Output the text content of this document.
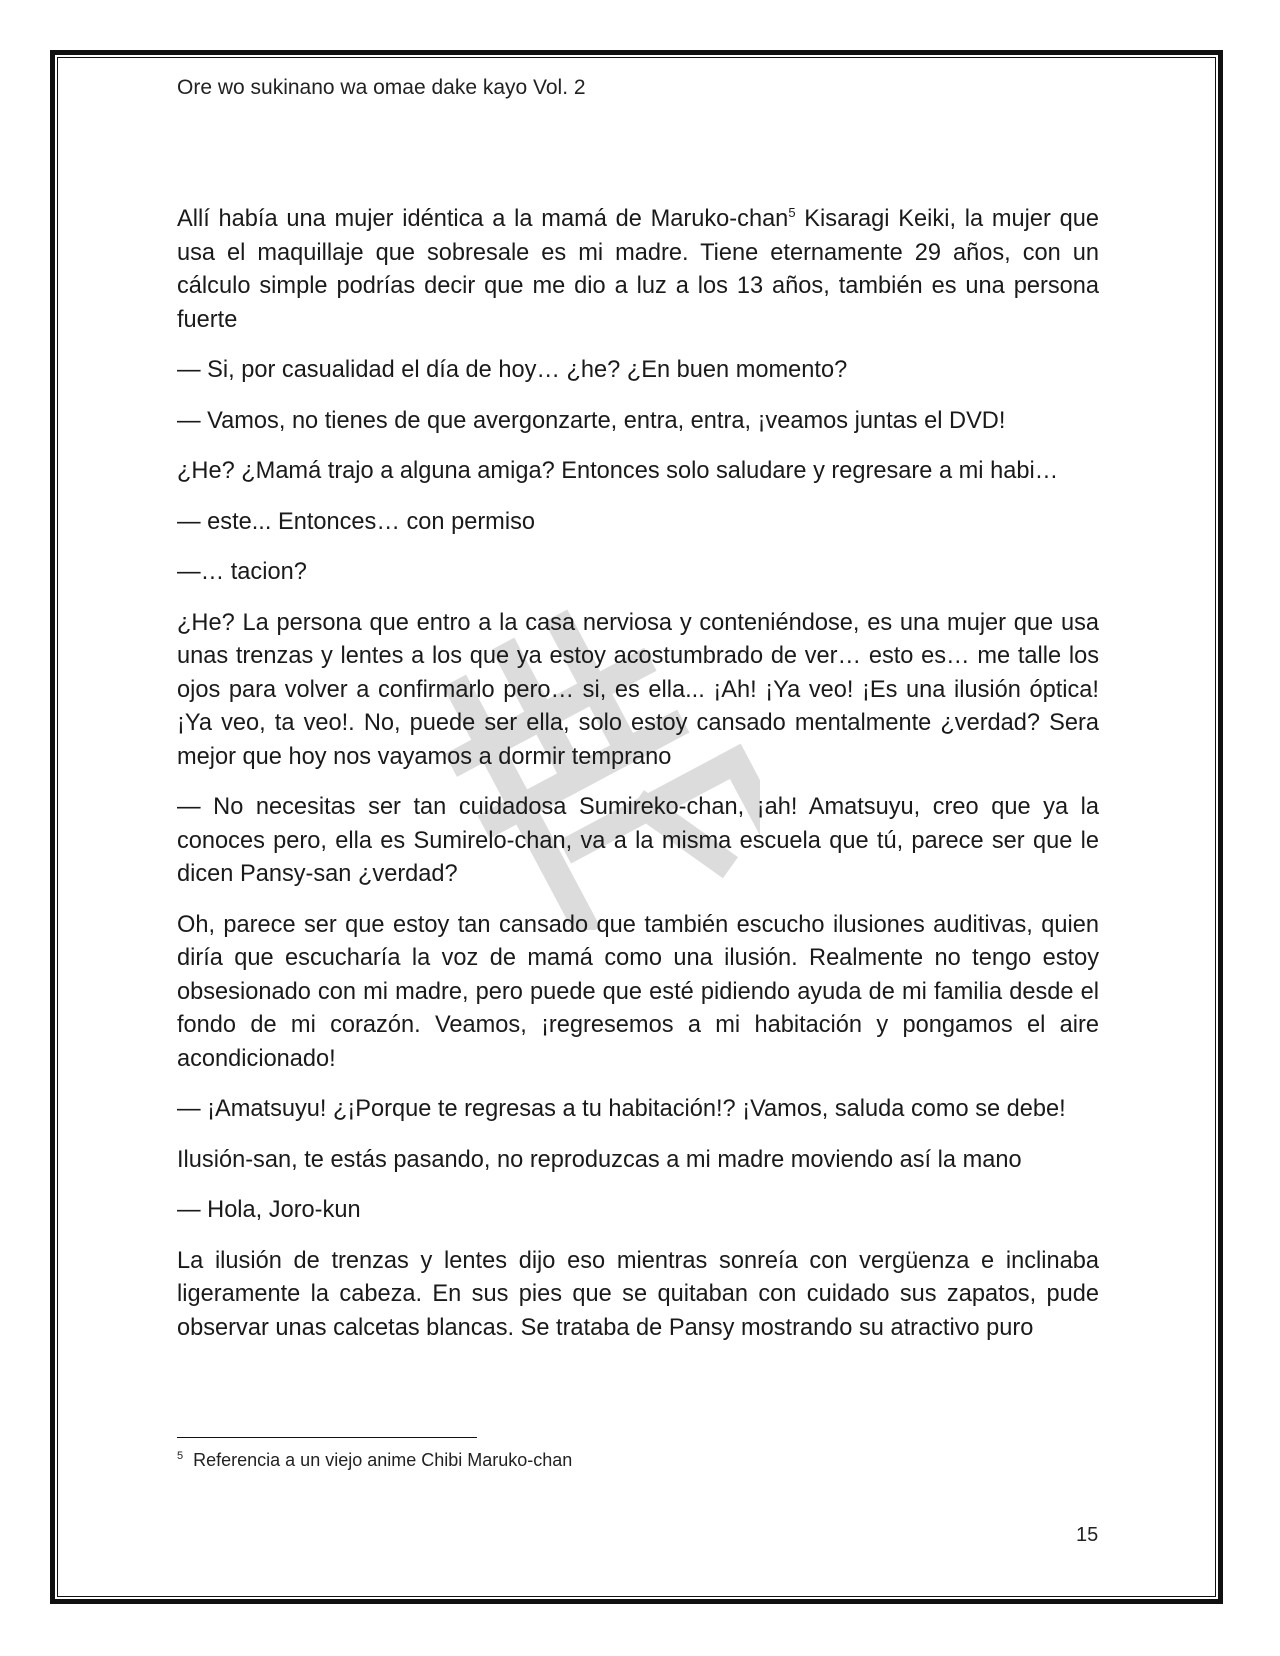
Ore wo sukinano wa omae dake kayo Vol. 2

Allí había una mujer idéntica a la mamá de Maruko-chan$^5$ Kisaragi Keiki, la mujer que usa el maquillaje que sobresale es mi madre. Tiene eternamente 29 años, con un cálculo simple podrías decir que me dio a luz a los 13 años, también es una persona fuerte

— Si, por casualidad el día de hoy… ¿he? ¿En buen momento?

— Vamos, no tienes de que avergonzarte, entra, entra, ¡veamos juntas el DVD!

¿He? ¿Mamá trajo a alguna amiga? Entonces solo saludare y regresare a mi habi…

— este... Entonces… con permiso

—… tacion?

¿He? La persona que entro a la casa nerviosa y conteniéndose, es una mujer que usa unas trenzas y lentes a los que ya estoy acostumbrado de ver… esto es… me talle los ojos para volver a confirmarlo pero… si, es ella... ¡Ah! ¡Ya veo! ¡Es una ilusión óptica! ¡Ya veo, ta veo!. No, puede ser ella, solo estoy cansado mentalmente ¿verdad? Sera mejor que hoy nos vayamos a dormir temprano

— No necesitas ser tan cuidadosa Sumireko-chan, ¡ah! Amatsuyu, creo que ya la conoces pero, ella es Sumirelo-chan, va a la misma escuela que tú, parece ser que le dicen Pansy-san ¿verdad?

Oh, parece ser que estoy tan cansado que también escucho ilusiones auditivas, quien diría que escucharía la voz de mamá como una ilusión. Realmente no tengo estoy obsesionado con mi madre, pero puede que esté pidiendo ayuda de mi familia desde el fondo de mi corazón. Veamos, ¡regresemos a mi habitación y pongamos el aire acondicionado!

— ¡Amatsuyu! ¿¡Porque te regresas a tu habitación!? ¡Vamos, saluda como se debe!

Ilusión-san, te estás pasando, no reproduzcas a mi madre moviendo así la mano

— Hola, Joro-kun

La ilusión de trenzas y lentes dijo eso mientras sonreía con vergüenza e inclinaba ligeramente la cabeza. En sus pies que se quitaban con cuidado sus zapatos, pude observar unas calcetas blancas. Se trataba de Pansy mostrando su atractivo puro

$^5$ Referencia a un viejo anime Chibi Maruko-chan
15
